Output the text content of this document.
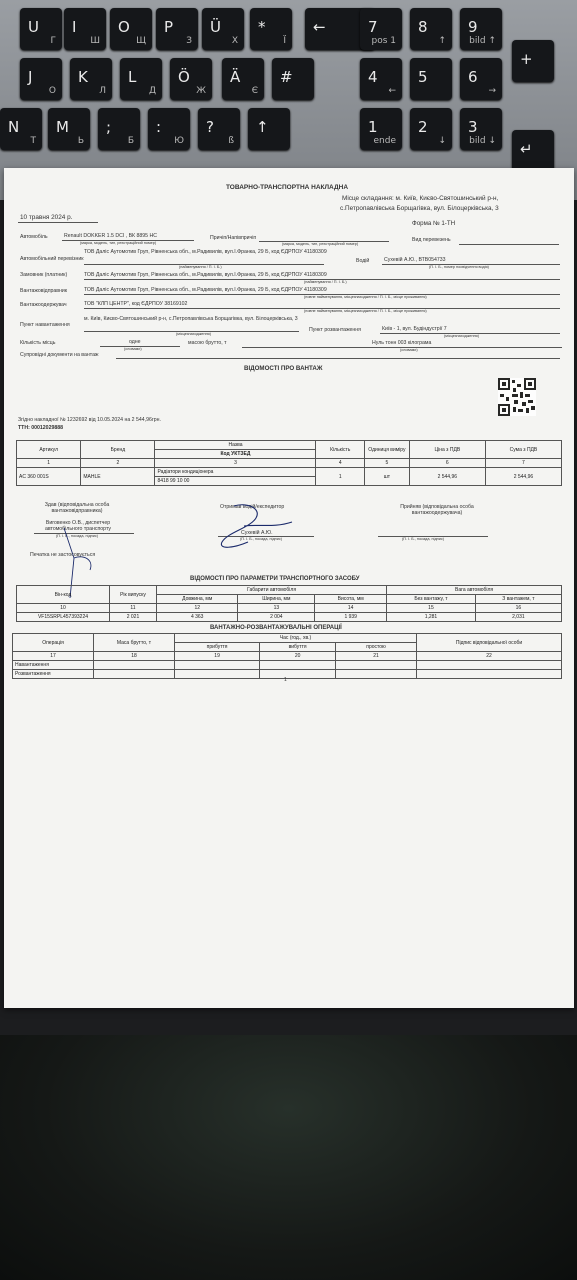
U
Г
I
Ш
O
Щ
P
З
Ü
Х
*
Ї
←	7
pos 1
8
↑
9
bild ↑
J
О
K
Л
L
Д
Ö
Ж
Ä
Є
#	4
←
5	6
→
N
Т
M
Ь
;
Б
:
Ю
?
ß
↑	1
ende
2
↓
3
bild ↓
+
↵
ТОВАРНО-ТРАНСПОРТНА НАКЛАДНА
Місце складання: м. Київ, Києво-Святошинський р-н,
с.Петропавлівська Борщагівка, вул. Білоцерківська, 3
10 травня 2024 р.
Форма № 1-ТН
Автомобіль	Renault DOKKER 1.5 DCI , ВК 8895 НС
(марка, модель, тип, реєстраційний номер)
Причіп/Напівпричіп
(марка, модель, тип, реєстраційний номер)
Вид перевезень
Автомобільний перевізник
ТОВ Даліс Аутомотив Груп, Рівненська обл., м.Радивилів, вул.І.Франка, 29 Б, код ЄДРПОУ 41180309
(найменування / П. І. Б.)
Водій	Сухевій А.Ю., ВТВ054733
(П. І. Б., номер посвідчення водія)
Замовник (платник)	ТОВ Даліс Аутомотив Груп, Рівненська обл., м.Радивилів, вул.І.Франка, 29 Б, код ЄДРПОУ 41180309
(найменування / П. І. Б.)
Вантажовідправник	ТОВ Даліс Аутомотив Груп, Рівненська обл., м.Радивилів, вул.І.Франка, 29 Б, код ЄДРПОУ 41180309
(повне найменування, місцезнаходження / П. І. Б., місце проживання)
Вантажоодержувач	ТОВ "КЛП ЦЕНТР", код ЄДРПОУ 38169102
(повне найменування, місцезнаходження / П. І. Б., місце проживання)
Пункт навантаження
м. Київ, Києво-Святошинський р-н, с.Петропавлівська Борщагівка, вул. Білоцерківська, 3
(місцезнаходження)
Пункт розвантаження	Київ - 1, вул. Будіндустрії 7
(місцезнаходження)
Кількість місць	одне
(словами)
масою брутто, т	Нуль тонн 003 кілограма
(словами)
Супровідні документи на вантаж
ВІДОМОСТІ ПРО ВАНТАЖ
Згідно накладної № 1232692 від 10.05.2024 на 2 544,96грн.
ТТН: 00012029888
Артикул	Бренд	Назва	Кількість	Одиниця виміру	Ціна з ПДВ	Сума з ПДВ
		Код УКТЗЕД				
1	2	3	4	5	6	7
AC 360 001S	MAHLE	Радіатори кондиціонера	1	шт	2 544,96	2 544,96
		8418 99 10 00				
Здав (відповідальна особа вантажовідправника)
Виговенко О.В., диспетчер автомобільного транспорту
(П. І. Б., посада, підпис)
Отримав водій/експедитор
Сухевій А.Ю.
(П. І. Б., посада, підпис)
Прийняв (відповідальна особа вантажоодержувача)
(П. І. Б., посада, підпис)
Печатка не застосовується
ВІДОМОСТІ ПРО ПАРАМЕТРИ ТРАНСПОРТНОГО ЗАСОБУ
Він-код	Рік випуску	Габарити автомобіля			Вага автомобіля	
		Довжина, мм	Ширина, мм	Висота, мм	Без вантажу, т	З вантажем, т
10	11	12	13	14	15	16
VF15SRPL457393224	2 021	4 363	2 004	1 939	1,281	2,031
ВАНТАЖНО-РОЗВАНТАЖУВАЛЬНІ ОПЕРАЦІЇ
Операція	Маса брутто, т	Час (год., хв.)			Підпис відповідальної особи
		прибуття	вибуття	простою	
17	18	19	20	21	22
Навантаження					
Розвантаження					
1
